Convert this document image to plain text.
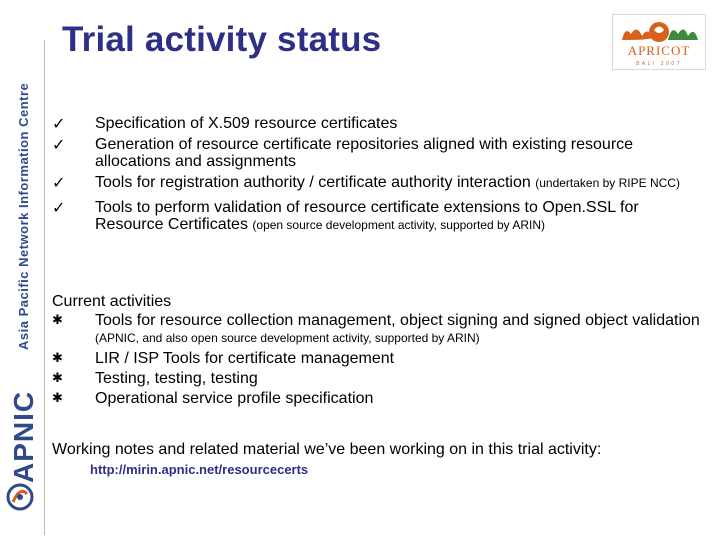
Asia Pacific Network Information Centre
APNIC
Trial activity status	APRICOT
BALI 2007
✓ Specification of X.509 resource certificates
✓ Generation of resource certificate repositories aligned with existing resource allocations and assignments
✓ Tools for registration authority / certificate authority interaction (undertaken by RIPE NCC)
✓ Tools to perform validation of resource certificate extensions to Open.SSL for Resource Certificates (open source development activity, supported by ARIN)
Current activities
✱ Tools for resource collection management, object signing and signed object validation (APNIC, and also open source development activity, supported by ARIN)
✱ LIR / ISP Tools for certificate management
✱ Testing, testing, testing
✱ Operational service profile specification
Working notes and related material we’ve been working on in this trial activity:
http://mirin.apnic.net/resourcecerts
